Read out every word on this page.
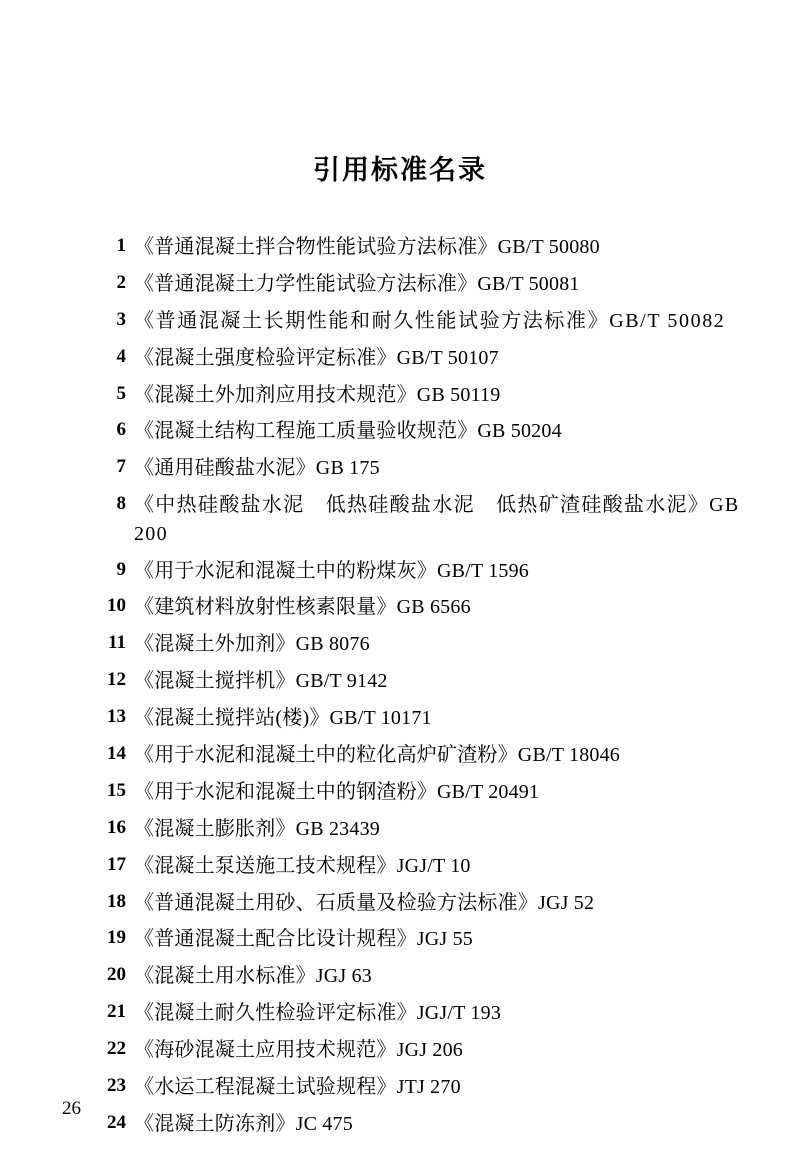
引用标准名录
1 《普通混凝土拌合物性能试验方法标准》GB/T 50080
2 《普通混凝土力学性能试验方法标准》GB/T 50081
3 《普通混凝土长期性能和耐久性能试验方法标准》GB/T 50082
4 《混凝土强度检验评定标准》GB/T 50107
5 《混凝土外加剂应用技术规范》GB 50119
6 《混凝土结构工程施工质量验收规范》GB 50204
7 《通用硅酸盐水泥》GB 175
8 《中热硅酸盐水泥　低热硅酸盐水泥　低热矿渣硅酸盐水泥》GB 200
9 《用于水泥和混凝土中的粉煤灰》GB/T 1596
10 《建筑材料放射性核素限量》GB 6566
11 《混凝土外加剂》GB 8076
12 《混凝土搅拌机》GB/T 9142
13 《混凝土搅拌站(楼)》GB/T 10171
14 《用于水泥和混凝土中的粒化高炉矿渣粉》GB/T 18046
15 《用于水泥和混凝土中的钢渣粉》GB/T 20491
16 《混凝土膨胀剂》GB 23439
17 《混凝土泵送施工技术规程》JGJ/T 10
18 《普通混凝土用砂、石质量及检验方法标准》JGJ 52
19 《普通混凝土配合比设计规程》JGJ 55
20 《混凝土用水标准》JGJ 63
21 《混凝土耐久性检验评定标准》JGJ/T 193
22 《海砂混凝土应用技术规范》JGJ 206
23 《水运工程混凝土试验规程》JTJ 270
24 《混凝土防冻剂》JC 475
26
